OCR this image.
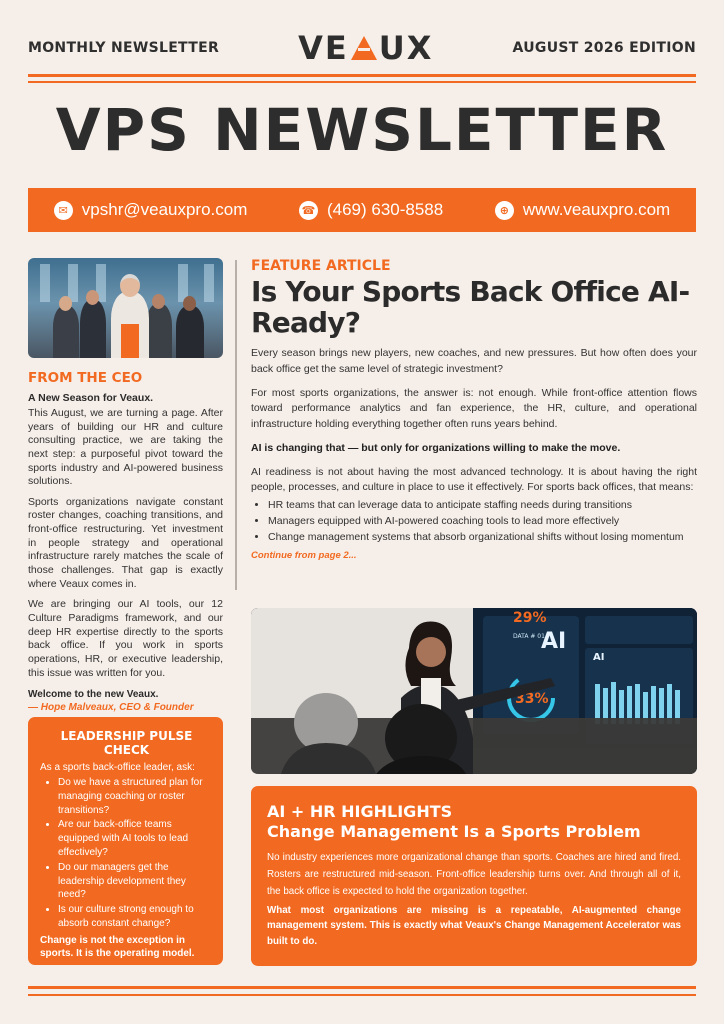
MONTHLY NEWSLETTER VE UX	AUGUST 2026 EDITION
VPS NEWSLETTER
✉ vpshr@veauxpro.com	☎ (469) 630-8588	⊕ www.veauxpro.com
FROM THE CEO
A New Season for Veaux.

This August, we are turning a page. After years of building our HR and culture consulting practice, we are taking the next step: a purposeful pivot toward the sports industry and AI-powered business solutions.

Sports organizations navigate constant roster changes, coaching transitions, and front-office restructuring. Yet investment in people strategy and operational infrastructure rarely matches the scale of those challenges. That gap is exactly where Veaux comes in.

We are bringing our AI tools, our 12 Culture Paradigms framework, and our deep HR expertise directly to the sports back office. If you work in sports operations, HR, or executive leadership, this issue was written for you.

Welcome to the new Veaux.
— Hope Malveaux, CEO & Founder
LEADERSHIP PULSE CHECK
As a sports back-office leader, ask:
• Do we have a structured plan for managing coaching or roster transitions?
• Are our back-office teams equipped with AI tools to lead effectively?
• Do our managers get the leadership development they need?
• Is our culture strong enough to absorb constant change?
Change is not the exception in sports. It is the operating model.
FEATURE ARTICLE
Is Your Sports Back Office AI-Ready?

Every season brings new players, new coaches, and new pressures. But how often does your back office get the same level of strategic investment?

For most sports organizations, the answer is: not enough. While front-office attention flows toward performance analytics and fan experience, the HR, culture, and operational infrastructure holding everything together often runs years behind.

AI is changing that — but only for organizations willing to make the move.

AI readiness is not about having the most advanced technology. It is about having the right people, processes, and culture in place to use it effectively. For sports back offices, that means:

• HR teams that can leverage data to anticipate staffing needs during transitions
• Managers equipped with AI-powered coaching tools to lead more effectively
• Change management systems that absorb organizational shifts without losing momentum
Continue from page 2...
29%
DATA # 01
AI
33%
AI
AI + HR HIGHLIGHTS
Change Management Is a Sports Problem
No industry experiences more organizational change than sports. Coaches are hired and fired. Rosters are restructured mid-season. Front-office leadership turns over. And through all of it, the back office is expected to hold the organization together.
What most organizations are missing is a repeatable, AI-augmented change management system. This is exactly what Veaux's Change Management Accelerator was built to do.
